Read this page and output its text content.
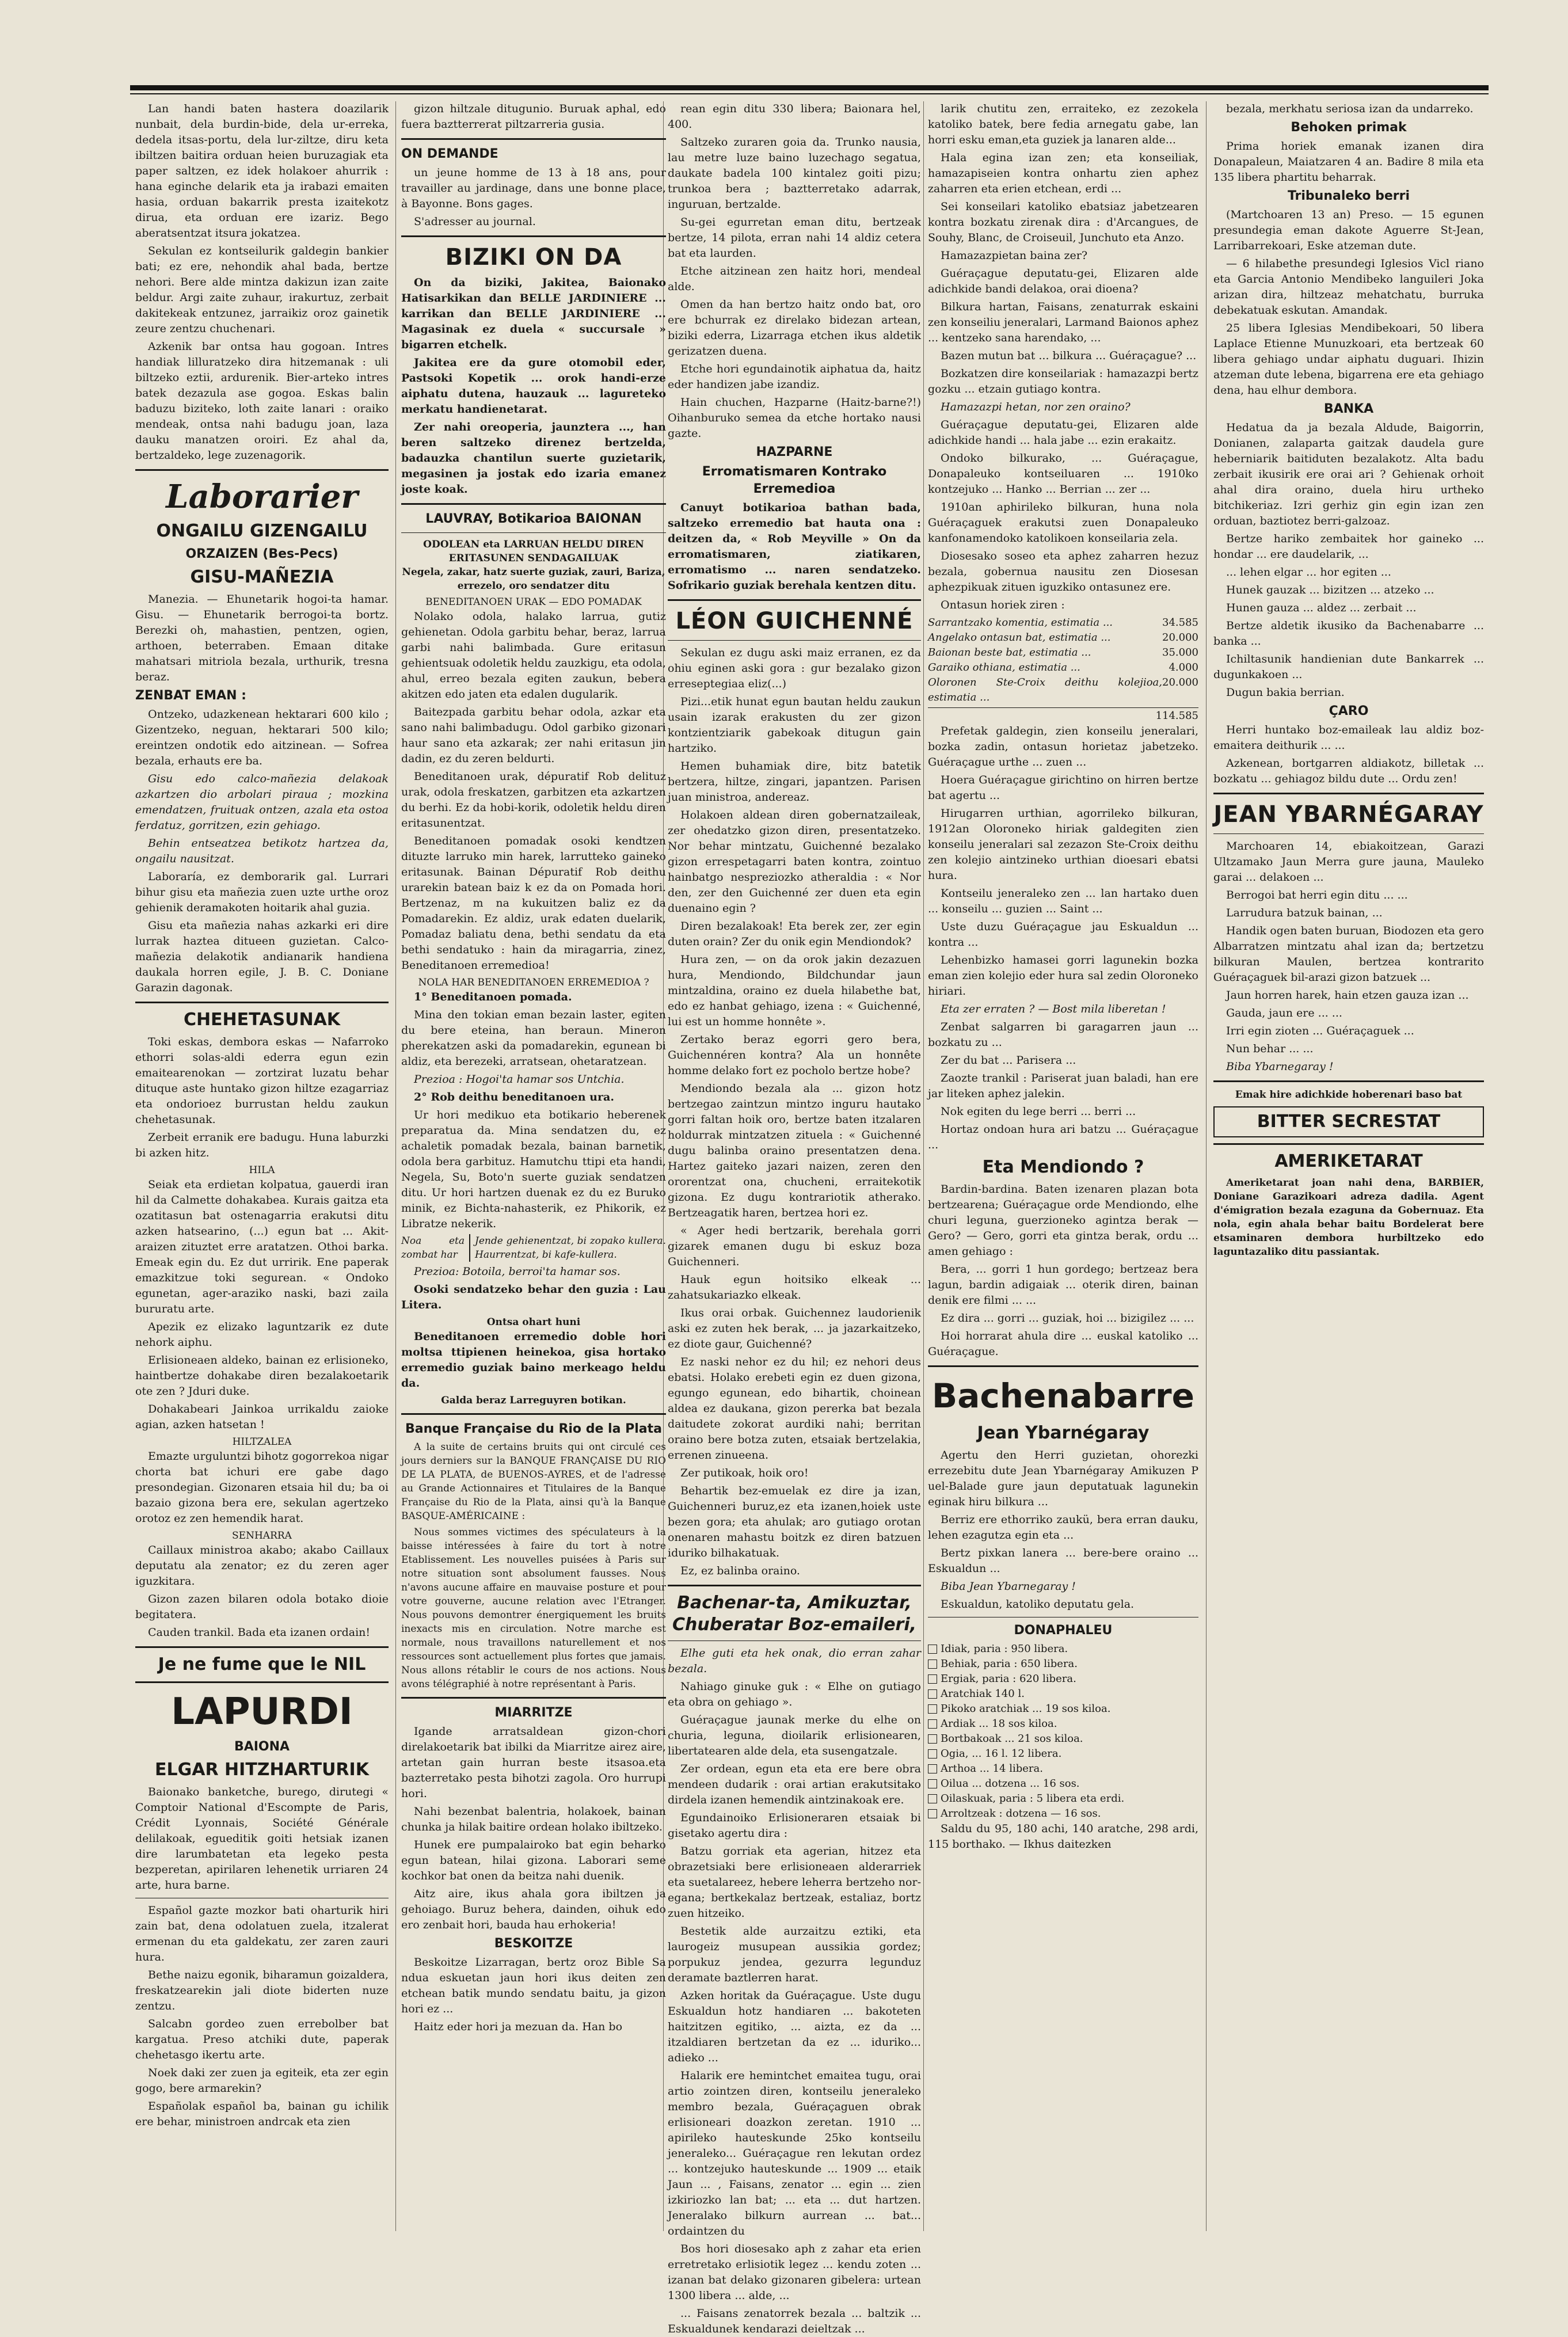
Lan handi baten hastera doazilarik nunbait, dela burdin-bide, dela ur-erreka, dedela itsas-portu, dela lur-ziltze, diru keta ibiltzen baitira orduan heien buruzagiak eta paper saltzen, ez idek holakoer ahurrik : hana eginche delarik eta ja irabazi emaiten hasia, orduan bakarrik presta izaitekotz dirua, eta orduan ere izariz. Bego aberatsentzat itsura jokatzea.

Sekulan ez kontseilurik galdegin bankier bati; ez ere, nehondik ahal bada, bertze nehori. Bere alde mintza dakizun izan zaite beldur. Argi zaite zuhaur, irakurtuz, zerbait dakitekeak entzunez, jarraikiz oroz gainetik zeure zentzu chuchenari.

Azkenik bar ontsa hau gogoan. Intres handiak lilluratzeko dira hitzemanak : uli biltzeko eztii, ardurenik. Bier-arteko intres batek dezazula ase gogoa. Eskas balin baduzu biziteko, loth zaite lanari : oraiko mendeak, ontsa nahi badugu joan, laza dauku manatzen oroiri. Ez ahal da, bertzaldeko, lege zuzenagorik.

Laborarier
ONGAILU GIZENGAILU
ORZAIZEN (Bes-Pecs)
GISU-MAÑEZIA

Manezia. — Ehunetarik hogoi-ta hamar. Gisu. — Ehunetarik berrogoi-ta bortz. Berezki oh, mahastien, pentzen, ogien, arthoen, beterraben. Emaan ditake mahatsari mitriola bezala, urthurik, tresna beraz.

ZENBAT EMAN :

Ontzeko, udazkenean hektarari 600 kilo ; Gizentzeko, neguan, hektarari 500 kilo; ereintzen ondotik edo aitzinean. — Sofrea bezala, erhauts ere ba.

Gisu edo calco-mañezia delakoak azkartzen dio arbolari piraua ; mozkina emendatzen, fruituak ontzen, azala eta ostoa ferdatuz, gorritzen, ezin gehiago.

Behin entseatzea betikotz hartzea da, ongailu nausitzat.

Laboraría, ez demborarik gal. Lurrari bihur gisu eta mañezia zuen uzte urthe oroz gehienik deramakoten hoitarik ahal guzia.

Gisu eta mañezia nahas azkarki eri dire lurrak haztea ditueen guzietan. Calco-mañezia delakotik andianarik handiena daukala horren egile, J. B. C. Doniane Garazin dagonak.

CHEHETASUNAK

Toki eskas, dembora eskas — Nafarroko ethorri solas-aldi ederra egun ezin emaitearenokan — zortzirat luzatu behar dituque aste huntako gizon hiltze ezagarriaz eta ondorioez burrustan heldu zaukun chehetasunak.

Zerbeit erranik ere badugu. Huna laburzki bi azken hitz.

HILA

Seiak eta erdietan kolpatua, gauerdi iran hil da Calmette dohakabea. Kurais gaitza eta ozatitasun bat ostenagarria erakutsi ditu azken hatsearino, (...) egun bat ... Akit-araizen zituztet erre aratatzen. Othoi barka. Emeak egin du. Ez dut urririk. Ene paperak emazkitzue toki segurean. « Ondoko egunetan, ager-araziko naski, bazi zaila bururatu arte.

Apezik ez elizako laguntzarik ez dute nehork aiphu.

Erlisioneaen aldeko, bainan ez erlisioneko, haintbertze dohakabe diren bezalakoetarik ote zen ? Jduri duke.

Dohakabeari Jainkoa urrikaldu zaioke agian, azken hatsetan !

HILTZALEA

Emazte urguluntzi bihotz gogorrekoa nigar chorta bat ichuri ere gabe dago presondegian. Gizonaren etsaia hil du; ba oi bazaio gizona bera ere, sekulan agertzeko orotoz ez zen hemendik harat.

SENHARRA

Caillaux ministroa akabo; akabo Caillaux deputatu ala zenator; ez du zeren ager iguzkitara.

Gizon zazen bilaren odola botako dioie begitatera.

Cauden trankil. Bada eta izanen ordain!

Je ne fume que le NIL
LAPURDI
BAIONA
ELGAR HITZHARTURIK

Baionako banketche, burego, dirutegi « Comptoir National d'Escompte de Paris, Crédit Lyonnais, Société Générale delilakoak, egueditik goiti hetsiak izanen dire larumbatetan eta legeko pesta bezperetan, apirilaren lehenetik urriaren 24 arte, hura barne.

Español gazte mozkor bati oharturik hiri zain bat, dena odolatuen zuela, itzalerat ermenan du eta galdekatu, zer zaren zauri hura.

Bethe naizu egonik, biharamun goizaldera, freskatzearekin jali diote biderten nuze zentzu.

Salcabn gordeo zuen errebolber bat kargatua. Preso atchiki dute, paperak chehetasgo ikertu arte.

Noek daki zer zuen ja egiteik, eta zer egin gogo, bere armarekin?

Españolak español ba, bainan gu ichilik ere behar, ministroen andrcak eta zien

gizon hiltzale ditugunio. Buruak aphal, edo fuera baztterrerat piltzarreria gusia.

ON DEMANDE

un jeune homme de 13 à 18 ans, pour travailler au jardinage, dans une bonne place, à Bayonne. Bons gages.

S'adresser au journal.

BIZIKI ON DA

On da biziki, Jakitea, Baionako Hatisarkikan dan BELLE JARDINIERE ... karrikan dan BELLE JARDINIERE ... Magasinak ez duela « succursale » bigarren etchelk.

Jakitea ere da gure otomobil eder, Pastsoki Kopetik ... orok handi-erze aiphatu dutena, hauzauk ... lagureteko merkatu handienetarat.

Zer nahi oreoperia, jaunztera ..., han beren saltzeko direnez bertzelda, badauzka chantilun suerte guzietarik, megasinen ja jostak edo izaria emanez joste koak.

LAUVRAY, Botikarioa BAIONAN
ODOLEAN eta LARRUAN HELDU DIREN ERITASUNEN SENDAGAILUAK

Negela, zakar, hatz suerte guziak, zauri, Bariza, errezelo, oro sendatzer ditu

BENEDITANOEN URAK — EDO POMADAK

Nolako odola, halako larrua, gutiz gehienetan. Odola garbitu behar, beraz, larrua garbi nahi balimbada. Gure eritasun gehientsuak odoletik heldu zauzkigu, eta odola, ahul, erreo bezala egiten zaukun, bebera akitzen edo jaten eta edalen dugularik.

Baitezpada garbitu behar odola, azkar eta sano nahi balimbadugu. Odol garbiko gizonari haur sano eta azkarak; zer nahi eritasun jin dadin, ez du zeren beldurti.

Beneditanoen urak, dépuratif Rob delituz urak, odola freskatzen, garbitzen eta azkartzen du berhi. Ez da hobi-korik, odoletik heldu diren eritasunentzat.

Beneditanoen pomadak osoki kendtzen dituzte larruko min harek, larrutteko gaineko eritasunak. Bainan Dépuratif Rob deithu urarekin batean baiz k ez da on Pomada hori. Bertzenaz, m na kukuitzen baliz ez da Pomadarekin. Ez aldiz, urak edaten duelarik, Pomadaz baliatu dena, bethi sendatu da eta bethi sendatuko : hain da miragarria, zinez, Beneditanoen erremedioa!

NOLA HAR BENEDITANOEN ERREMEDIOA ?

1° Beneditanoen pomada.

Mina den tokian eman bezain laster, egiten du bere eteina, han beraun. Mineron pherekatzen aski da pomadarekin, egunean bi aldiz, eta berezeki, arratsean, ohetaratzean.

Prezioa : Hogoi'ta hamar sos Untchia.

2° Rob deithu beneditanoen ura.

Ur hori medikuo eta botikario heberenek preparatua da. Mina sendatzen du, ez achaletik pomadak bezala, bainan barnetik, odola bera garbituz. Hamutchu ttipi eta handi, Negela, Su, Boto'n suerte guziak sendatzen ditu. Ur hori hartzen duenak ez du ez Buruko minik, ez Bichta-nahasterik, ez Phikorik, ez Libratze nekerik.

Noa eta zombat har
Jende gehienentzat, bi zopako kullera. Haurrentzat, bi kafe-kullera.

Prezioa: Botoila, berroi'ta hamar sos.

Osoki sendatzeko behar den guzia : Lau Litera.

Ontsa ohart huni

Beneditanoen erremedio doble hori moltsa ttipienen heinekoa, gisa hortako erremedio guziak baino merkeago heldu da.

Galda beraz Larreguyren botikan.
Banque Française du Rio de la Plata

A la suite de certains bruits qui ont circulé ces jours derniers sur la BANQUE FRANÇAISE DU RIO DE LA PLATA, de BUENOS-AYRES, et de l'adresse au Grande Actionnaires et Titulaires de la Banque Française du Rio de la Plata, ainsi qu'à la Banque BASQUE-AMÉRICAINE :

Nous sommes victimes des spéculateurs à la baisse intéressées à faire du tort à notre Etablissement. Les nouvelles puisées à Paris sur notre situation sont absolument fausses. Nous n'avons aucune affaire en mauvaise posture et pour votre gouverne, aucune relation avec l'Etranger. Nous pouvons demontrer énergiquement les bruits inexacts mis en circulation. Notre marche est normale, nous travaillons naturellement et nos ressources sont actuellement plus fortes que jamais. Nous allons rétablir le cours de nos actions. Nous avons télégraphié à notre représentant à Paris.

MIARRITZE

Igande arratsaldean gizon-chori direlakoetarik bat ibilki da Miarritze airez aire, artetan gain hurran beste itsasoa.eta bazterretako pesta bihotzi zagola. Oro hurrupi hori.

Nahi bezenbat balentria, holakoek, bainan chunka ja hilak baitire ordean holako ibiltzeko.

Hunek ere pumpalairoko bat egin beharko egun batean, hilai gizona. Laborari seme kochkor bat onen da beitza nahi duenik.

Aitz aire, ikus ahala gora ibiltzen ja gehoiago. Buruz behera, dainden, oihuk edo ero zenbait hori, bauda hau erhokeria!

BESKOITZE

Beskoitze Lizarragan, bertz oroz Bible Sa ndua eskuetan jaun hori ikus deiten zen etchean batik mundo sendatu baitu, ja gizon hori ez ...

Haitz eder hori ja mezuan da. Han bo

rean egin ditu 330 libera; Baionara hel, 400.

Saltzeko zuraren goia da. Trunko nausia, lau metre luze baino luzechago segatua, daukate badela 100 kintalez goiti pizu; trunkoa bera ; baztterretako adarrak, inguruan, bertzalde.

Su-gei egurretan eman ditu, bertzeak bertze, 14 pilota, erran nahi 14 aldiz cetera bat eta laurden.

Etche aitzinean zen haitz hori, mendeal alde.

Omen da han bertzo haitz ondo bat, oro ere bchurrak ez direlako bidezan artean, biziki ederra, Lizarraga etchen ikus aldetik gerizatzen duena.

Etche hori egundainotik aiphatua da, haitz eder handizen jabe izandiz.

Hain chuchen, Hazparne (Haitz-barne?!) Oihanburuko semea da etche hortako nausi gazte.

HAZPARNE
Erromatismaren Kontrako Erremedioa

Canuyt botikarioa bathan bada, saltzeko erremedio bat hauta ona : deitzen da, « Rob Meyville » On da erromatismaren, ziatikaren, erromatismo ... naren sendatzeko. Sofrikario guziak berehala kentzen ditu.

LÉON GUICHENNÉ

Sekulan ez dugu aski maiz erranen, ez da ohiu eginen aski gora : gur bezalako gizon erreseptegiaa eliz(...)

Pizi...etik hunat egun bautan heldu zaukun usain izarak erakusten du zer gizon kontzientziarik gabekoak ditugun gain hartziko.

Hemen buhamiak dire, bitz batetik bertzera, hiltze, zingari, japantzen. Parisen juan ministroa, andereaz.

Holakoen aldean diren gobernatzaileak, zer ohedatzko gizon diren, presentatzeko. Nor behar mintzatu, Guichenné bezalako gizon errespetagarri baten kontra, zointuo hainbatgo nespreziozko atheraldia : « Nor den, zer den Guichenné zer duen eta egin duenaino egin ?

Diren bezalakoak! Eta berek zer, zer egin duten orain? Zer du onik egin Mendiondok?

Hura zen, — on da orok jakin dezazuen hura, Mendiondo, Bildchundar jaun mintzaldina, oraino ez duela hilabethe bat, edo ez hanbat gehiago, izena : « Guichenné, lui est un homme honnête ».

Zertako beraz egorri gero bera, Guichennéren kontra? Ala un honnête homme delako fort ez pocholo bertze hobe?

Mendiondo bezala ala ... gizon hotz bertzegao zaintzun mintzo inguru hautako gorri faltan hoik oro, bertze baten itzalaren holdurrak mintzatzen zituela : « Guichenné dugu balinba oraino presentatzen dena. Hartez gaiteko jazari naizen, zeren den ororentzat ona, chucheni, erraitekotik gizona. Ez dugu kontrariotik atherako. Bertzeagatik haren, bertzea hori ez.

« Ager hedi bertzarik, berehala gorri gizarek emanen dugu bi eskuz boza Guichenneri.

Hauk egun hoitsiko elkeak ... zahatsukariazko elkeak.

Ikus orai orbak. Guichennez laudorienik aski ez zuten hek berak, ... ja jazarkaitzeko, ez diote gaur, Guichenné?

Ez naski nehor ez du hil; ez nehori deus ebatsi. Holako erebeti egin ez duen gizona, egungo egunean, edo bihartik, choinean aldea ez daukana, gizon pererka bat bezala daitudete zokorat aurdiki nahi; berritan oraino bere botza zuten, etsaiak bertzelakia, errenen zinueena.

Zer putikoak, hoik oro!

Behartik bez-emuelak ez dire ja izan, Guichenneri buruz,ez eta izanen,hoiek uste bezen gora; eta ahulak; aro gutiago orotan onenaren mahastu boitzk ez diren batzuen iduriko bilhakatuak.

Ez, ez balinba oraino.

Bachenar-ta, Amikuztar, Chuberatar Boz-emaileri,

Elhe guti eta hek onak, dio erran zahar bezala.

Nahiago ginuke guk : « Elhe on gutiago eta obra on gehiago ».

Guéraçague jaunak merke du elhe on churia, leguna, dioilarik erlisionearen, libertatearen alde dela, eta susengatzale.

Zer ordean, egun eta eta ere bere obra mendeen dudarik : orai artian erakutsitako dirdela izanen hemendik aintzinakoak ere.

Egundainoiko Erlisioneraren etsaiak bi gisetako agertu dira :

Batzu gorriak eta agerian, hitzez eta obrazetsiaki bere erlisioneaen alderarriek eta suetalareez, hebere leherra bertzeho nor-egana; bertkekalaz bertzeak, estaliaz, bortz zuen hitzeiko.

Bestetik alde aurzaitzu eztiki, eta laurogeiz musupean aussikia gordez; porpukuz jendea, gezurra legunduz deramate baztlerren harat.

Azken horitak da Guéraçague. Uste dugu Eskualdun hotz handiaren ... bakoteten haitzitzen egitiko, ... aizta, ez da ... itzaldiaren bertzetan da ez ... iduriko... adieko ...

Halarik ere hemintchet emaitea tugu, orai artio zointzen diren, kontseilu jeneraleko membro bezala, Guéraçaguen obrak erlisioneari doazkon zeretan. 1910 ... apirileko hauteskunde 25ko kontseilu jeneraleko... Guéraçague ren lekutan ordez ... kontzejuko hauteskunde ... 1909 ... etaik Jaun ... , Faisans, zenator ... egin ... zien izkiriozko lan bat; ... eta ... dut hartzen. Jeneralako bilkurn aurrean ... bat... ordaintzen du

Bos hori diosesako aph z zahar eta erien erretretako erlisiotik legez ... kendu zoten ... izanan bat delako gizonaren gibelera: urtean 1300 libera ... alde, ...

... Faisans zenatorrek bezala ... baltzik ... Eskualdunek kendarazi deieltzak ...

larik chutitu zen, erraiteko, ez zezokela katoliko batek, bere fedia arnegatu gabe, lan horri esku eman,eta guziek ja lanaren alde...

Hala egina izan zen; eta konseiliak, hamazapiseien kontra onhartu zien aphez zaharren eta erien etchean, erdi ...

Sei konseilari katoliko ebatsiaz jabetzearen kontra bozkatu zirenak dira : d'Arcangues, de Souhy, Blanc, de Croiseuil, Junchuto eta Anzo.

Hamazazpietan baina zer?

Guéraçague deputatu-gei, Elizaren alde adichkide bandi delakoa, orai dioena?

Bilkura hartan, Faisans, zenaturrak eskaini zen konseiliu jeneralari, Larmand Baionos aphez ... kentzeko sana harendako, ...

Bazen mutun bat ... bilkura ... Guéraçague? ...

Bozkatzen dire konseilariak : hamazazpi bertz gozku ... etzain gutiago kontra.

Hamazazpi hetan, nor zen oraino?

Guéraçague deputatu-gei, Elizaren alde adichkide handi ... hala jabe ... ezin erakaitz.

Ondoko bilkurako, ... Guéraçague, Donapaleuko kontseiluaren ... 1910ko kontzejuko ... Hanko ... Berrian ... zer ...

1910an aphirileko bilkuran, huna nola Guéraçaguek erakutsi zuen Donapaleuko kanfonamendoko katolikoen konseilaria zela.

Diosesako soseo eta aphez zaharren hezuz bezala, gobernua nausitu zen Diosesan aphezpikuak zituen iguzkiko ontasunez ere.

Ontasun horiek ziren :

Sarrantzako komentia, estimatia ...	34.585
Angelako ontasun bat, estimatia ...	20.000
Baionan beste bat, estimatia ...	35.000
Garaiko othiana, estimatia ...	4.000
Oloronen Ste-Croix deithu kolejioa, estimatia ...
20.000
114.585

Prefetak galdegin, zien konseilu jeneralari, bozka zadin, ontasun horietaz jabetzeko. Guéraçague urthe ... zuen ...

Hoera Guéraçague girichtino on hirren bertze bat agertu ...

Hirugarren urthian, agorrileko bilkuran, 1912an Oloroneko hiriak galdegiten zien konseilu jeneralari sal zezazon Ste-Croix deithu zen kolejio aintzineko urthian dioesari ebatsi hura.

Kontseilu jeneraleko zen ... lan hartako duen ... konseilu ... guzien ... Saint ...

Uste duzu Guéraçague jau Eskualdun ... kontra ...

Lehenbizko hamasei gorri lagunekin bozka eman zien kolejio eder hura sal zedin Oloroneko hiriari.

Eta zer erraten ? — Bost mila liberetan !

Zenbat salgarren bi garagarren jaun ... bozkatu zu ...

Zer du bat ... Parisera ...

Zaozte trankil : Pariserat juan baladi, han ere jar liteken aphez jalekin.

Nok egiten du lege berri ... berri ...

Hortaz ondoan hura ari batzu ... Guéraçague ...

Eta Mendiondo ?

Bardin-bardina. Baten izenaren plazan bota bertzearena; Guéraçague orde Mendiondo, elhe churi leguna, guerzioneko agintza berak — Gero? — Gero, gorri eta gintza berak, ordu ... amen gehiago :

Bera, ... gorri 1 hun gordego; bertzeaz bera lagun, bardin adigaiak ... oterik diren, bainan denik ere filmi ... ...

Ez dira ... gorri ... guziak, hoi ... bizigilez ... ...

Hoi horrarat ahula dire ... euskal katoliko ... Guéraçague.

Bachenabarre
Jean Ybarnégaray

Agertu den Herri guzietan, ohorezki errezebitu dute Jean Ybarnégaray Amikuzen P uel-Balade gure jaun deputatuak lagunekin eginak hiru bilkura ...

Berriz ere ethorriko zaukü, bera erran dauku, lehen ezagutza egin eta ...

Bertz pixkan lanera ... bere-bere oraino ... Eskualdun ...

Biba Jean Ybarnegaray !

Eskualdun, katoliko deputatu gela.

DONAPHALEU
Idiak, paria : 950 libera.
Behiak, paria : 650 libera.
Ergiak, paria : 620 libera.
Aratchiak 140 l.
Pikoko aratchiak ... 19 sos kiloa.
Ardiak ... 18 sos kiloa.
Bortbakoak ... 21 sos kiloa.
Ogia, ... 16 l. 12 libera.
Arthoa ... 14 libera.
Oilua ... dotzena ... 16 sos.
Oilaskuak, paria : 5 libera eta erdi.
Arroltzeak : dotzena — 16 sos.

Saldu du 95, 180 achi, 140 aratche, 298 ardi, 115 borthako. — Ikhus daitezken

bezala, merkhatu seriosa izan da undarreko.

Behoken primak

Prima horiek emanak izanen dira Donapaleun, Maiatzaren 4 an. Badire 8 mila eta 135 libera phartitu beharrak.

Tribunaleko berri

(Martchoaren 13 an) Preso. — 15 egunen presundegia eman dakote Aguerre St-Jean, Larribarrekoari, Eske atzeman dute.

— 6 hilabethe presundegi Iglesios Vicl riano eta Garcia Antonio Mendibeko languileri Joka arizan dira, hiltzeaz mehatchatu, burruka debekatuak eskutan. Amandak.

25 libera Iglesias Mendibekoari, 50 libera Laplace Etienne Munuzkoari, eta bertzeak 60 libera gehiago undar aiphatu duguari. Ihizin atzeman dute lebena, bigarrena ere eta gehiago dena, hau elhur dembora.

BANKA

Hedatua da ja bezala Aldude, Baigorrin, Donianen, zalaparta gaitzak daudela gure heberniarik baitiduten bezalakotz. Alta badu zerbait ikusirik ere orai ari ? Gehienak orhoit ahal dira oraino, duela hiru urtheko bitchikeriaz. Izri gerhiz gin egin izan zen orduan, baztiotez berri-galzoaz.

Bertze hariko zembaitek hor gaineko ... hondar ... ere daudelarik, ...

... lehen elgar ... hor egiten ...

Hunek gauzak ... bizitzen ... atzeko ...

Hunen gauza ... aldez ... zerbait ...

Bertze aldetik ikusiko da Bachenabarre ... banka ...

Ichiltasunik handienian dute Bankarrek ... dugunkakoen ...

Dugun bakia berrian.

ÇARO

Herri huntako boz-emaileak lau aldiz boz-emaitera deithurik ... ...

Azkenean, bortgarren aldiakotz, billetak ... bozkatu ... gehiagoz bildu dute ... Ordu zen!

JEAN YBARNÉGARAY

Marchoaren 14, ebiakoitzean, Garazi Ultzamako Jaun Merra gure jauna, Mauleko garai ... delakoen ...

Berrogoi bat herri egin ditu ... ...

Larrudura batzuk bainan, ...

Handik ogen baten buruan, Biodozen eta gero Albarratzen mintzatu ahal izan da; bertzetzu bilkuran Maulen, bertzea kontrarito Guéraçaguek bil-arazi gizon batzuek ...

Jaun horren harek, hain etzen gauza izan ...

Gauda, jaun ere ... ...

Irri egin zioten ... Guéraçaguek ...

Nun behar ... ...

Biba Ybarnegaray !

Emak hire adichkide hoberenari baso bat
BITTER SECRESTAT
AMERIKETARAT

Ameriketarat joan nahi dena, BARBIER, Doniane Garazikoari adreza dadila. Agent d'émigration bezala ezaguna da Gobernuaz. Eta nola, egin ahala behar baitu Bordelerat bere etsaminaren dembora hurbiltzeko edo laguntazaliko ditu passiantak.
